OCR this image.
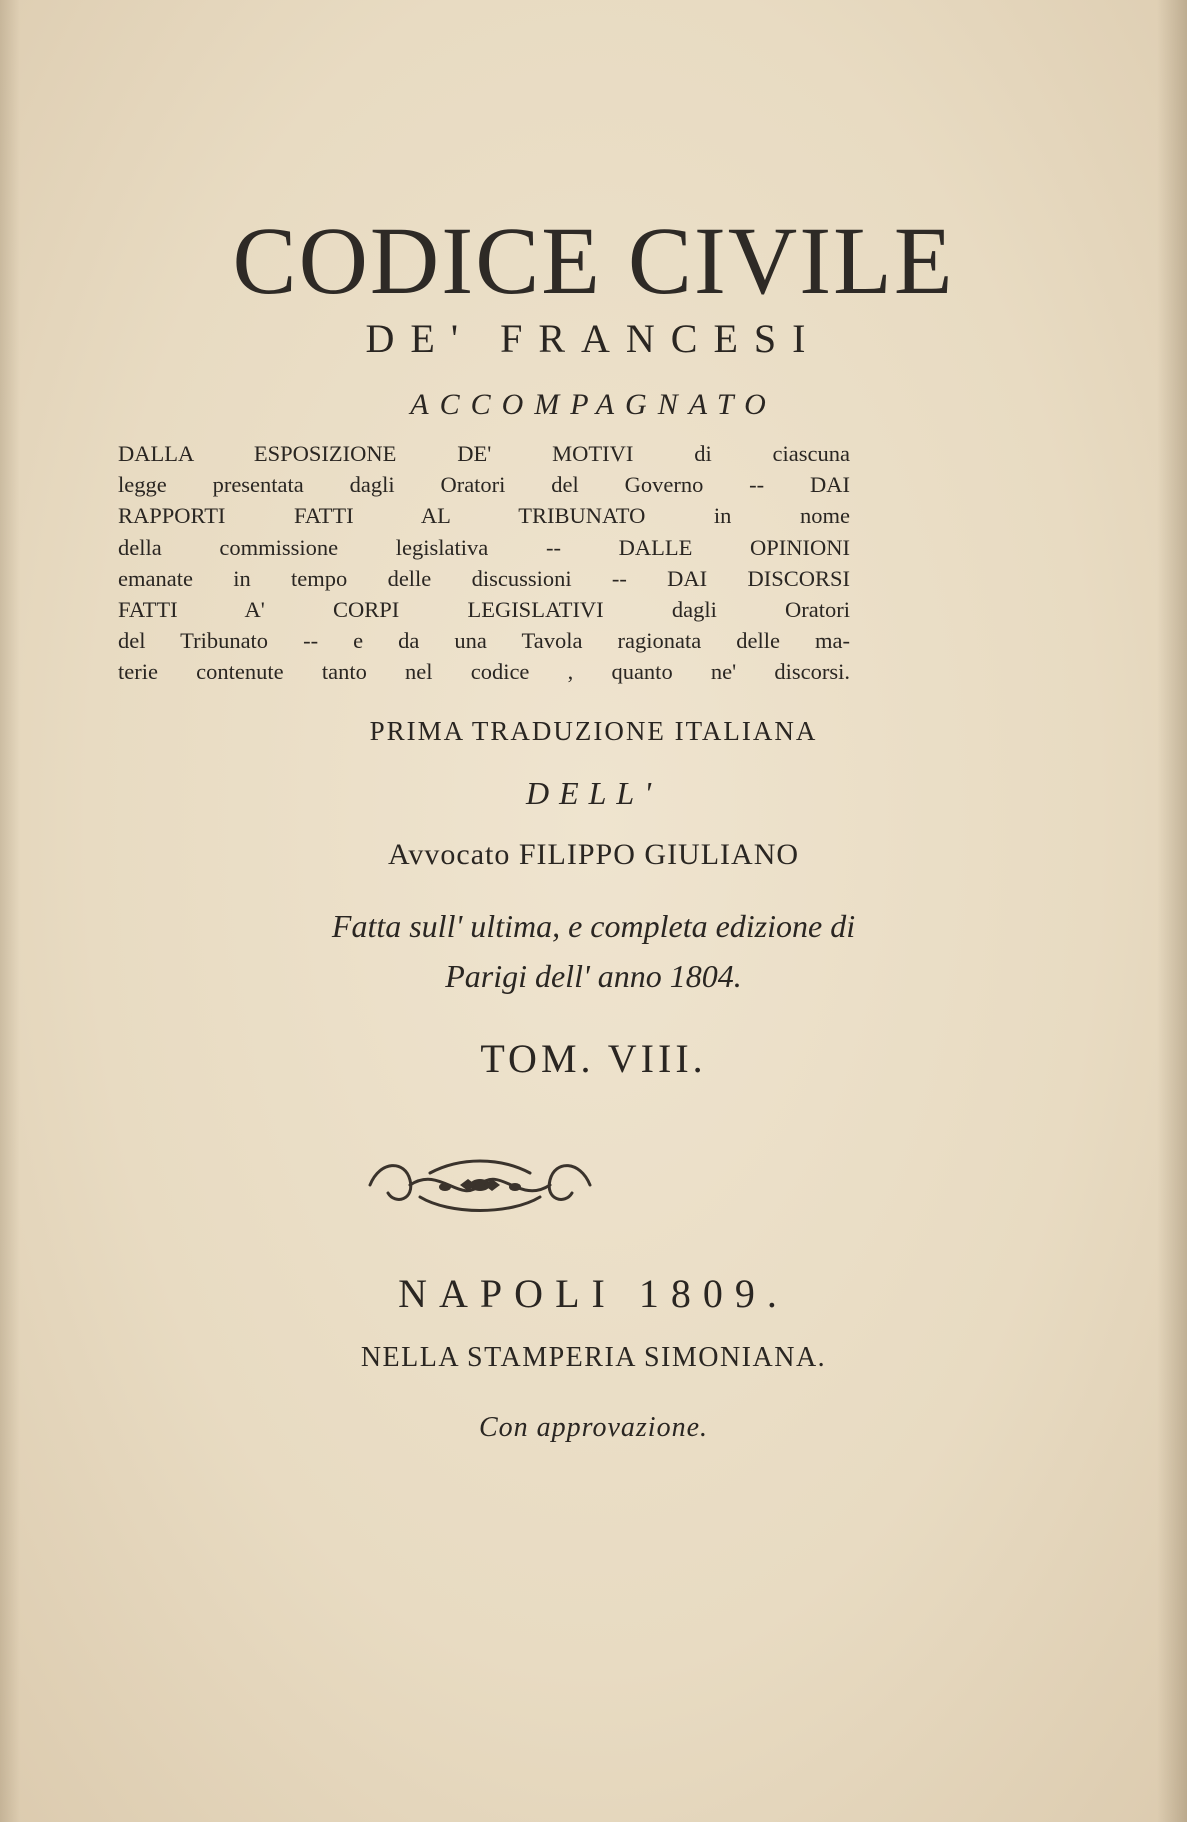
CODICE CIVILE
DE' FRANCESI
ACCOMPAGNATO
DALLA ESPOSIZIONE DE' MOTIVI di ciascuna
legge presentata dagli Oratori del Governo -- DAI
RAPPORTI FATTI AL TRIBUNATO in nome
della commissione legislativa -- DALLE OPINIONI
emanate in tempo delle discussioni -- DAI DISCORSI
FATTI A' CORPI LEGISLATIVI dagli Oratori
del Tribunato -- e da una Tavola ragionata delle ma-
terie contenute tanto nel codice , quanto ne' discorsi.
PRIMA TRADUZIONE ITALIANA
DELL'
Avvocato FILIPPO GIULIANO
Fatta sull' ultima, e completa edizione di
Parigi dell' anno 1804.
TOM. VIII.
NAPOLI 1809.
NELLA STAMPERIA SIMONIANA.
Con approvazione.
